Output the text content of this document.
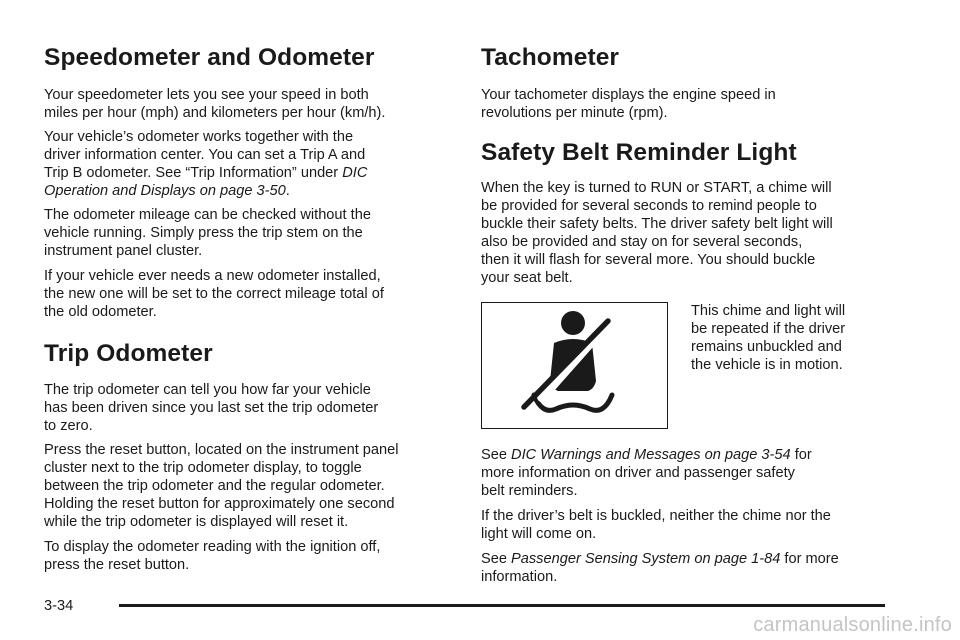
Speedometer and Odometer

Your speedometer lets you see your speed in both

miles per hour (mph) and kilometers per hour (km/h).

Your vehicle’s odometer works together with the

driver information center. You can set a Trip A and

Trip B odometer. See “Trip Information” under DIC

Operation and Displays on page 3-50.

The odometer mileage can be checked without the

vehicle running. Simply press the trip stem on the

instrument panel cluster.

If your vehicle ever needs a new odometer installed,

the new one will be set to the correct mileage total of

the old odometer.

Trip Odometer

The trip odometer can tell you how far your vehicle

has been driven since you last set the trip odometer

to zero.

Press the reset button, located on the instrument panel

cluster next to the trip odometer display, to toggle

between the trip odometer and the regular odometer.

Holding the reset button for approximately one second

while the trip odometer is displayed will reset it.

To display the odometer reading with the ignition off,

press the reset button.

Tachometer

Your tachometer displays the engine speed in

revolutions per minute (rpm).

Safety Belt Reminder Light

When the key is turned to RUN or START, a chime will

be provided for several seconds to remind people to

buckle their safety belts. The driver safety belt light will

also be provided and stay on for several seconds,

then it will flash for several more. You should buckle

your seat belt.

This chime and light will

be repeated if the driver

remains unbuckled and

the vehicle is in motion.

See DIC Warnings and Messages on page 3-54 for

more information on driver and passenger safety

belt reminders.

If the driver’s belt is buckled, neither the chime nor the

light will come on.

See Passenger Sensing System on page 1-84 for more

information.

3-34
carmanualsonline.info
